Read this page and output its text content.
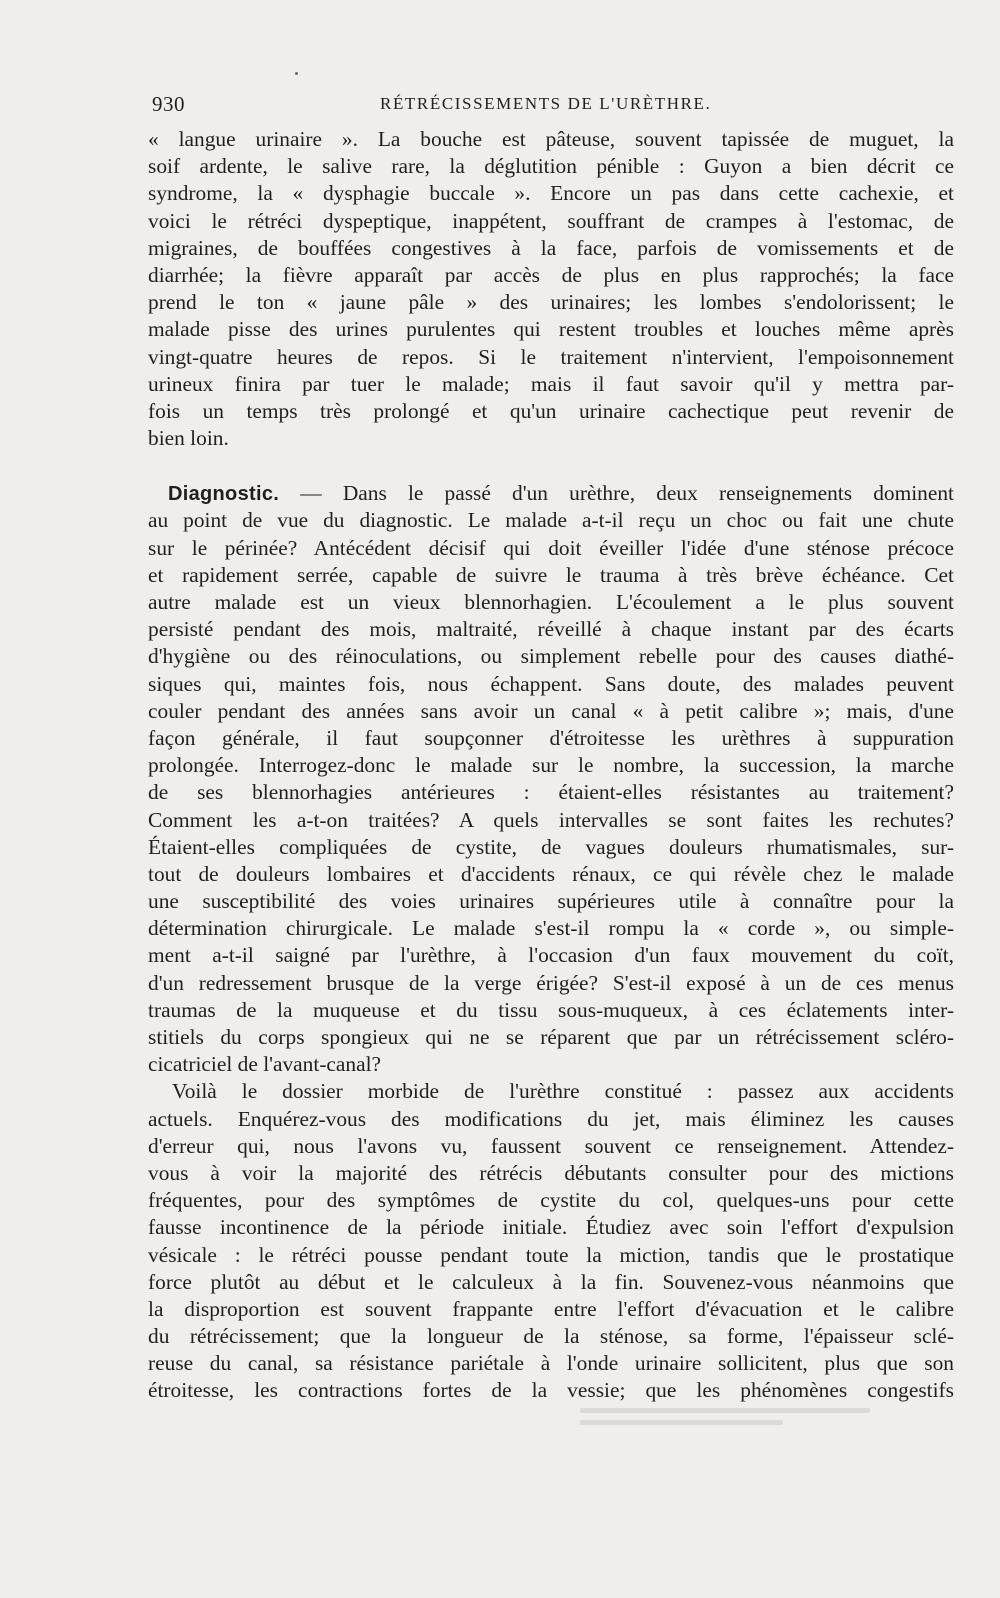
930	RÉTRÉCISSEMENTS DE L'URÈTHRE.
« langue urinaire ». La bouche est pâteuse, souvent tapissée de muguet, la
soif ardente, le salive rare, la déglutition pénible : Guyon a bien décrit ce
syndrome, la « dysphagie buccale ». Encore un pas dans cette cachexie, et
voici le rétréci dyspeptique, inappétent, souffrant de crampes à l'estomac, de
migraines, de bouffées congestives à la face, parfois de vomissements et de
diarrhée; la fièvre apparaît par accès de plus en plus rapprochés; la face
prend le ton « jaune pâle » des urinaires; les lombes s'endolorissent; le
malade pisse des urines purulentes qui restent troubles et louches même après
vingt-quatre heures de repos. Si le traitement n'intervient, l'empoisonnement
urineux finira par tuer le malade; mais il faut savoir qu'il y mettra par-
fois un temps très prolongé et qu'un urinaire cachectique peut revenir de
bien loin.
Diagnostic. — Dans le passé d'un urèthre, deux renseignements dominent
au point de vue du diagnostic. Le malade a-t-il reçu un choc ou fait une chute
sur le périnée? Antécédent décisif qui doit éveiller l'idée d'une sténose précoce
et rapidement serrée, capable de suivre le trauma à très brève échéance. Cet
autre malade est un vieux blennorhagien. L'écoulement a le plus souvent
persisté pendant des mois, maltraité, réveillé à chaque instant par des écarts
d'hygiène ou des réinoculations, ou simplement rebelle pour des causes diathé-
siques qui, maintes fois, nous échappent. Sans doute, des malades peuvent
couler pendant des années sans avoir un canal « à petit calibre »; mais, d'une
façon générale, il faut soupçonner d'étroitesse les urèthres à suppuration
prolongée. Interrogez-donc le malade sur le nombre, la succession, la marche
de ses blennorhagies antérieures : étaient-elles résistantes au traitement?
Comment les a-t-on traitées? A quels intervalles se sont faites les rechutes?
Étaient-elles compliquées de cystite, de vagues douleurs rhumatismales, sur-
tout de douleurs lombaires et d'accidents rénaux, ce qui révèle chez le malade
une susceptibilité des voies urinaires supérieures utile à connaître pour la
détermination chirurgicale. Le malade s'est-il rompu la « corde », ou simple-
ment a-t-il saigné par l'urèthre, à l'occasion d'un faux mouvement du coït,
d'un redressement brusque de la verge érigée? S'est-il exposé à un de ces menus
traumas de la muqueuse et du tissu sous-muqueux, à ces éclatements inter-
stitiels du corps spongieux qui ne se réparent que par un rétrécissement scléro-
cicatriciel de l'avant-canal?
Voilà le dossier morbide de l'urèthre constitué : passez aux accidents
actuels. Enquérez-vous des modifications du jet, mais éliminez les causes
d'erreur qui, nous l'avons vu, faussent souvent ce renseignement. Attendez-
vous à voir la majorité des rétrécis débutants consulter pour des mictions
fréquentes, pour des symptômes de cystite du col, quelques-uns pour cette
fausse incontinence de la période initiale. Étudiez avec soin l'effort d'expulsion
vésicale : le rétréci pousse pendant toute la miction, tandis que le prostatique
force plutôt au début et le calculeux à la fin. Souvenez-vous néanmoins que
la disproportion est souvent frappante entre l'effort d'évacuation et le calibre
du rétrécissement; que la longueur de la sténose, sa forme, l'épaisseur sclé-
reuse du canal, sa résistance pariétale à l'onde urinaire sollicitent, plus que son
étroitesse, les contractions fortes de la vessie; que les phénomènes congestifs
